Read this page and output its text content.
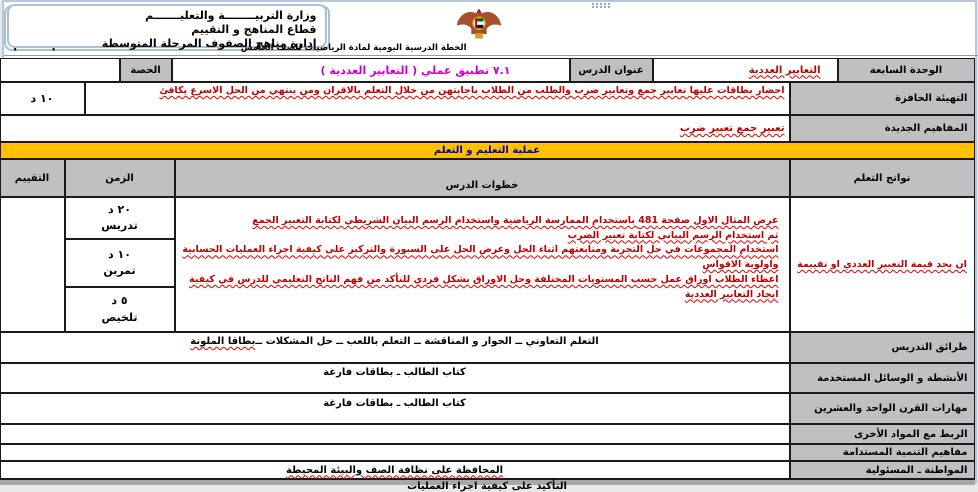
وزارة التربيــــــــة والتعليـــــــم
قطاع المناهج و التقييم
إدارة مناهج الصفوف المرحلة المتوسطة
الخطة الدرسية اليومية لمادة الرياضيات للصف الخامس
الوحدة السابعة
التعابير العددية
عنوان الدرس
٧.١ تطبيق عملي ( التعابير العددية )
الحصة
التهيئة الحافزة
احضار بطاقات عليها تعابير جمع وتعابير ضرب والطلب من الطلاب باجابتهن من خلال التعلم بالاقران ومن ينتهي من الحل الاسرع يكافئ
١٠ د
المفاهيم الجديدة
تعبير جمع تعبير ضرب
عملية التعليم و التعلم
نواتج التعلم
خطوات الدرس
الزمن
التقييم
ان يجد قيمة التعبير العددي او تقييمة
عرض المثال الاول صفحة 481 باستخدام الممارسة الرياضية واستخدام الرسم البيان الشريطي لكتابة التعبير الجمع
ثم استخدام الرسم البياني لكتابة تعبير الضرب
استخدام المجموعات في حل التجربة ومتابعتهم اثناء الحل وعرض الحل على السبورة والتركيز على كيفية اجراء العمليات الحسابية واولوية الاقواس
اعطاء الطلاب اوراق عمل حسب المستويات المختلفة وحل الاوراق بشكل فردي للتأكد من فهم الناتج التعليمي للدرس في كيفية ايجاد التعابير العددية
٢٠ د
تدريس
١٠ د
تمرين
٥ د
تلخيص
طرائق التدريس
التعلم التعاوني ــ الحوار و المناقشة ــ التعلم باللعب ــ حل المشكلات ــ
بطاقا الملونة
الأنشطة و الوسائل المستخدمة
كتاب الطالب ـ بطاقات فارغة
مهارات القرن الواحد والعشرين
كتاب الطالب ـ بطاقات فارغة
الربط مع المواد الأخرى
مفاهيم التنمية المستدامة
المواطنة ـ المسئولية
المحافظة على نظافة الصف والبيئة المحيطة
التأكيد على كيفية اجراء العمليات
